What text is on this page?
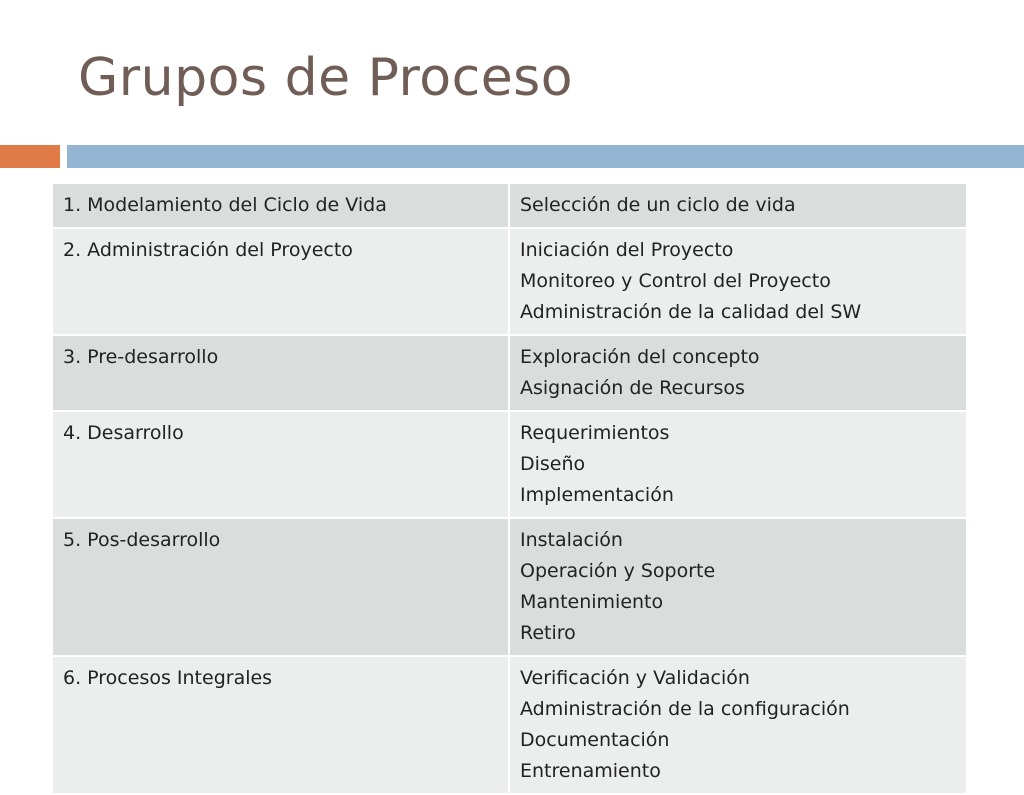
Grupos de Proceso
1. Modelamiento del Ciclo de Vida	Selección de un ciclo de vida

2. Administración del Proyecto	Iniciación del Proyecto
Monitoreo y Control del Proyecto
Administración de la calidad del SW

3. Pre-desarrollo	Exploración del concepto
Asignación de Recursos

4. Desarrollo	Requerimientos
Diseño
Implementación

5. Pos-desarrollo	Instalación
Operación y Soporte
Mantenimiento
Retiro

6. Procesos Integrales	Verificación y Validación
Administración de la configuración
Documentación
Entrenamiento
